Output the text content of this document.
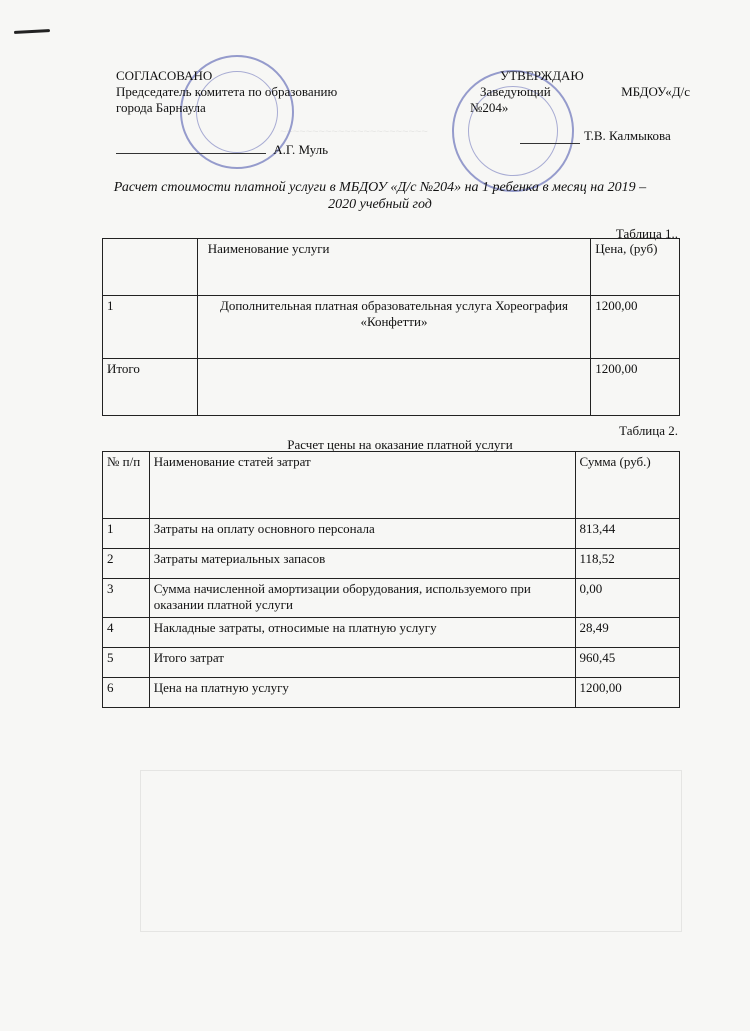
~~~~~~~~~~~~~~~~~~~~~~~
СОГЛАСОВАНО
Председатель комитета по образованию
города Барнаула
А.Г. Муль
УТВЕРЖДАЮ
Заведующий	МБДОУ«Д/с
№204»
Т.В. Калмыкова
Расчет стоимости платной услуги в МБДОУ «Д/с №204» на 1 ребенка в месяц на 2019 – 2020 учебный год
Таблица 1..
	Наименование услуги	Цена, (руб)
1	Дополнительная платная образовательная услуга Хореография «Конфетти»	1200,00
Итого		1200,00
Таблица 2.
Расчет цены на оказание платной услуги
№ п/п	Наименование статей затрат	Сумма (руб.)
1	Затраты на оплату основного персонала	813,44
2	Затраты материальных запасов	118,52
3	Сумма начисленной амортизации оборудования, используемого при оказании платной услуги	0,00
4	Накладные затраты, относимые на платную услугу	28,49
5	Итого затрат	960,45
6	Цена на платную услугу	1200,00
